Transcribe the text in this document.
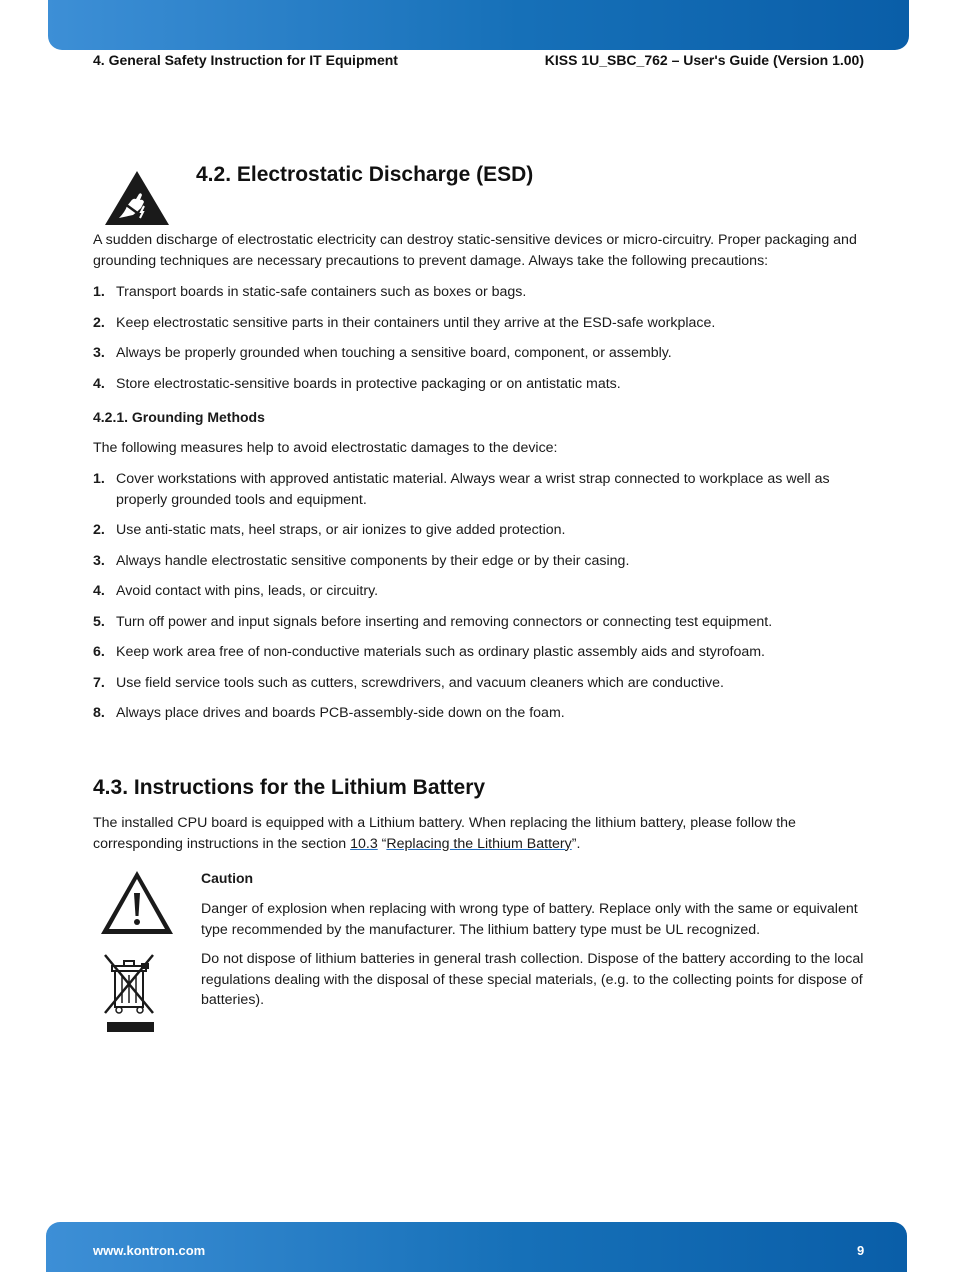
4. General Safety Instruction for IT Equipment	KISS 1U_SBC_762 – User's Guide (Version 1.00)
4.2. Electrostatic Discharge (ESD)

A sudden discharge of electrostatic electricity can destroy static-sensitive devices or micro-circuitry. Proper packaging and grounding techniques are necessary precautions to prevent damage. Always take the following precautions:

1. Transport boards in static-safe containers such as boxes or bags.
2. Keep electrostatic sensitive parts in their containers until they arrive at the ESD-safe workplace.
3. Always be properly grounded when touching a sensitive board, component, or assembly.
4. Store electrostatic-sensitive boards in protective packaging or on antistatic mats.
4.2.1. Grounding Methods

The following measures help to avoid electrostatic damages to the device:

1. Cover workstations with approved antistatic material. Always wear a wrist strap connected to workplace as well as properly grounded tools and equipment.
2. Use anti-static mats, heel straps, or air ionizes to give added protection.
3. Always handle electrostatic sensitive components by their edge or by their casing.
4. Avoid contact with pins, leads, or circuitry.
5. Turn off power and input signals before inserting and removing connectors or connecting test equipment.
6. Keep work area free of non-conductive materials such as ordinary plastic assembly aids and styrofoam.
7. Use field service tools such as cutters, screwdrivers, and vacuum cleaners which are conductive.
8. Always place drives and boards PCB-assembly-side down on the foam.
4.3. Instructions for the Lithium Battery

The installed CPU board is equipped with a Lithium battery. When replacing the lithium battery, please follow the corresponding instructions in the section 10.3 “Replacing the Lithium Battery”.

Caution

Danger of explosion when replacing with wrong type of battery. Replace only with the same or equivalent type recommended by the manufacturer. The lithium battery type must be UL recognized.

Do not dispose of lithium batteries in general trash collection. Dispose of the battery according to the local regulations dealing with the disposal of these special materials, (e.g. to the collecting points for dispose of batteries).

www.kontron.com	9
